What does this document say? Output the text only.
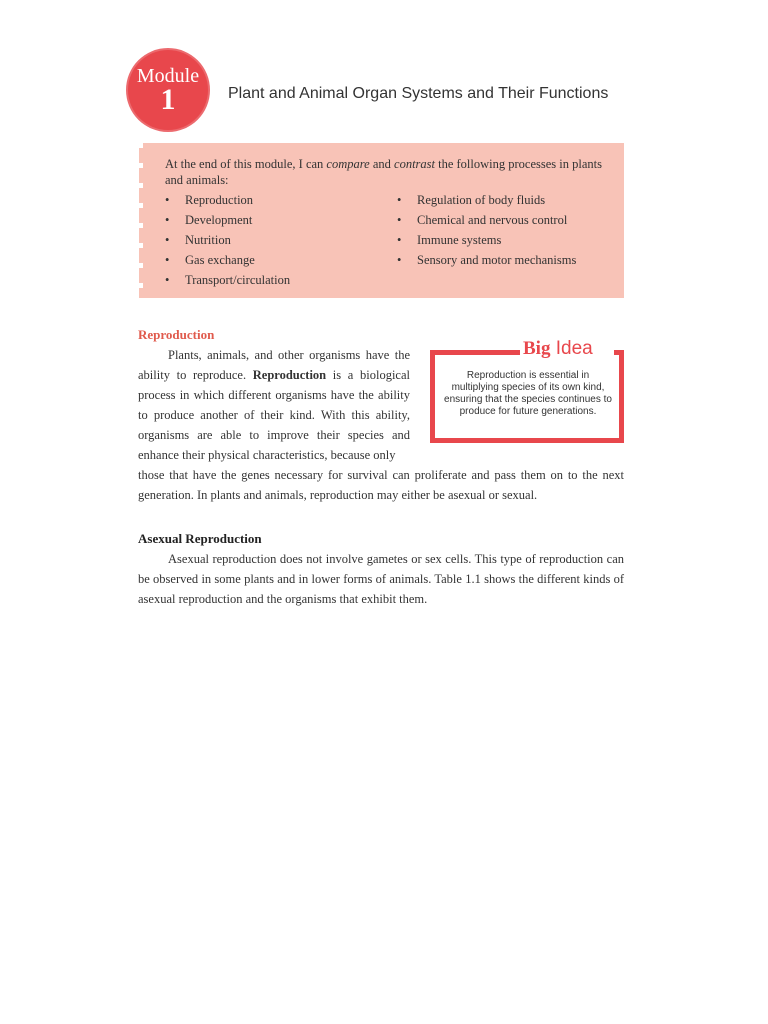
Module
1	Plant and Animal Organ Systems and Their Functions
At the end of this module, I can compare and contrast the following processes in plants and animals:
• Reproduction
• Development
• Nutrition
• Gas exchange
• Transport/circulation
• Regulation of body fluids
• Chemical and nervous control
• Immune systems
• Sensory and motor mechanisms
Reproduction

Plants, animals, and other organisms have the ability to reproduce. Reproduction is a biological process in which different organisms have the ability to produce another of their kind. With this ability, organisms are able to improve their species and enhance their physical characteristics, because only

those that have the genes necessary for survival can proliferate and pass them on to the next generation. In plants and animals, reproduction may either be asexual or sexual.

Big Idea
Reproduction is essential in multiplying species of its own kind, ensuring that the species continues to produce for future generations.
Asexual Reproduction

Asexual reproduction does not involve gametes or sex cells. This type of reproduction can be observed in some plants and in lower forms of animals. Table 1.1 shows the different kinds of asexual reproduction and the organisms that exhibit them.
